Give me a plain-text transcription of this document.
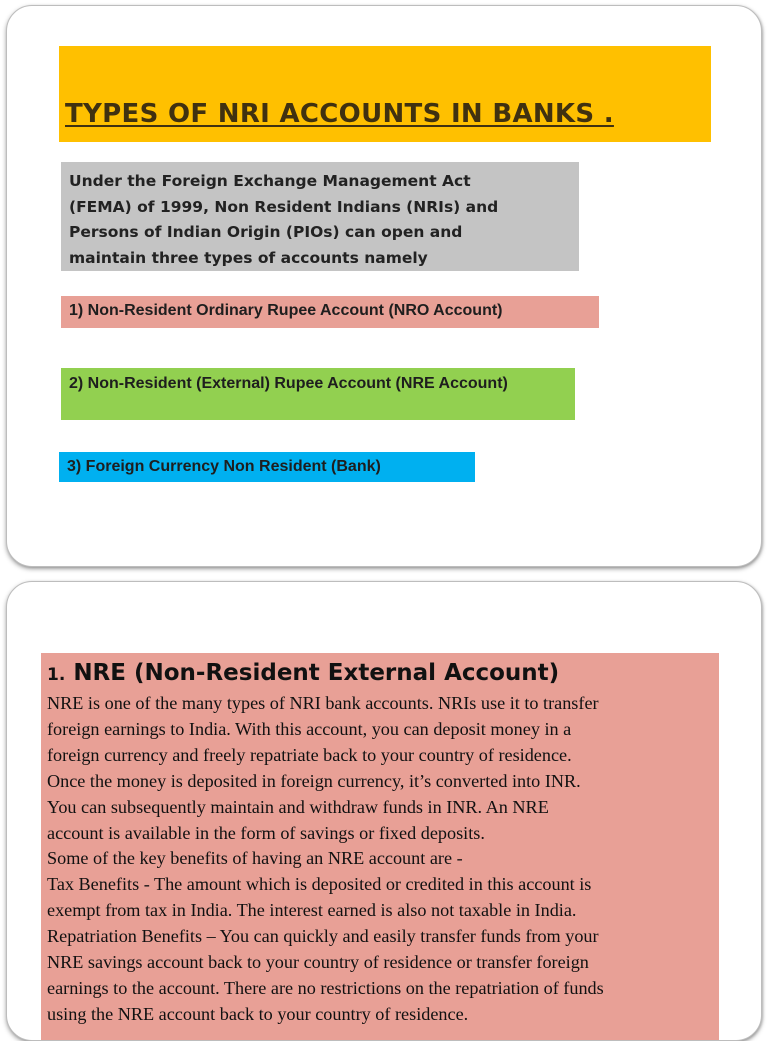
TYPES OF NRI ACCOUNTS IN BANKS .
Under the Foreign Exchange Management Act
(FEMA) of 1999, Non Resident Indians (NRIs) and
Persons of Indian Origin (PIOs) can open and
maintain three types of accounts namely
1) Non-Resident Ordinary Rupee Account (NRO Account)
2) Non-Resident (External) Rupee Account (NRE Account)
3) Foreign Currency Non Resident (Bank)
1. NRE (Non-Resident External Account)
NRE is one of the many types of NRI bank accounts. NRIs use it to transfer
foreign earnings to India. With this account, you can deposit money in a
foreign currency and freely repatriate back to your country of residence.
Once the money is deposited in foreign currency, it’s converted into INR.
You can subsequently maintain and withdraw funds in INR. An NRE
account is available in the form of savings or fixed deposits.
Some of the key benefits of having an NRE account are -
Tax Benefits - The amount which is deposited or credited in this account is
exempt from tax in India. The interest earned is also not taxable in India.
Repatriation Benefits – You can quickly and easily transfer funds from your
NRE savings account back to your country of residence or transfer foreign
earnings to the account. There are no restrictions on the repatriation of funds
using the NRE account back to your country of residence.
